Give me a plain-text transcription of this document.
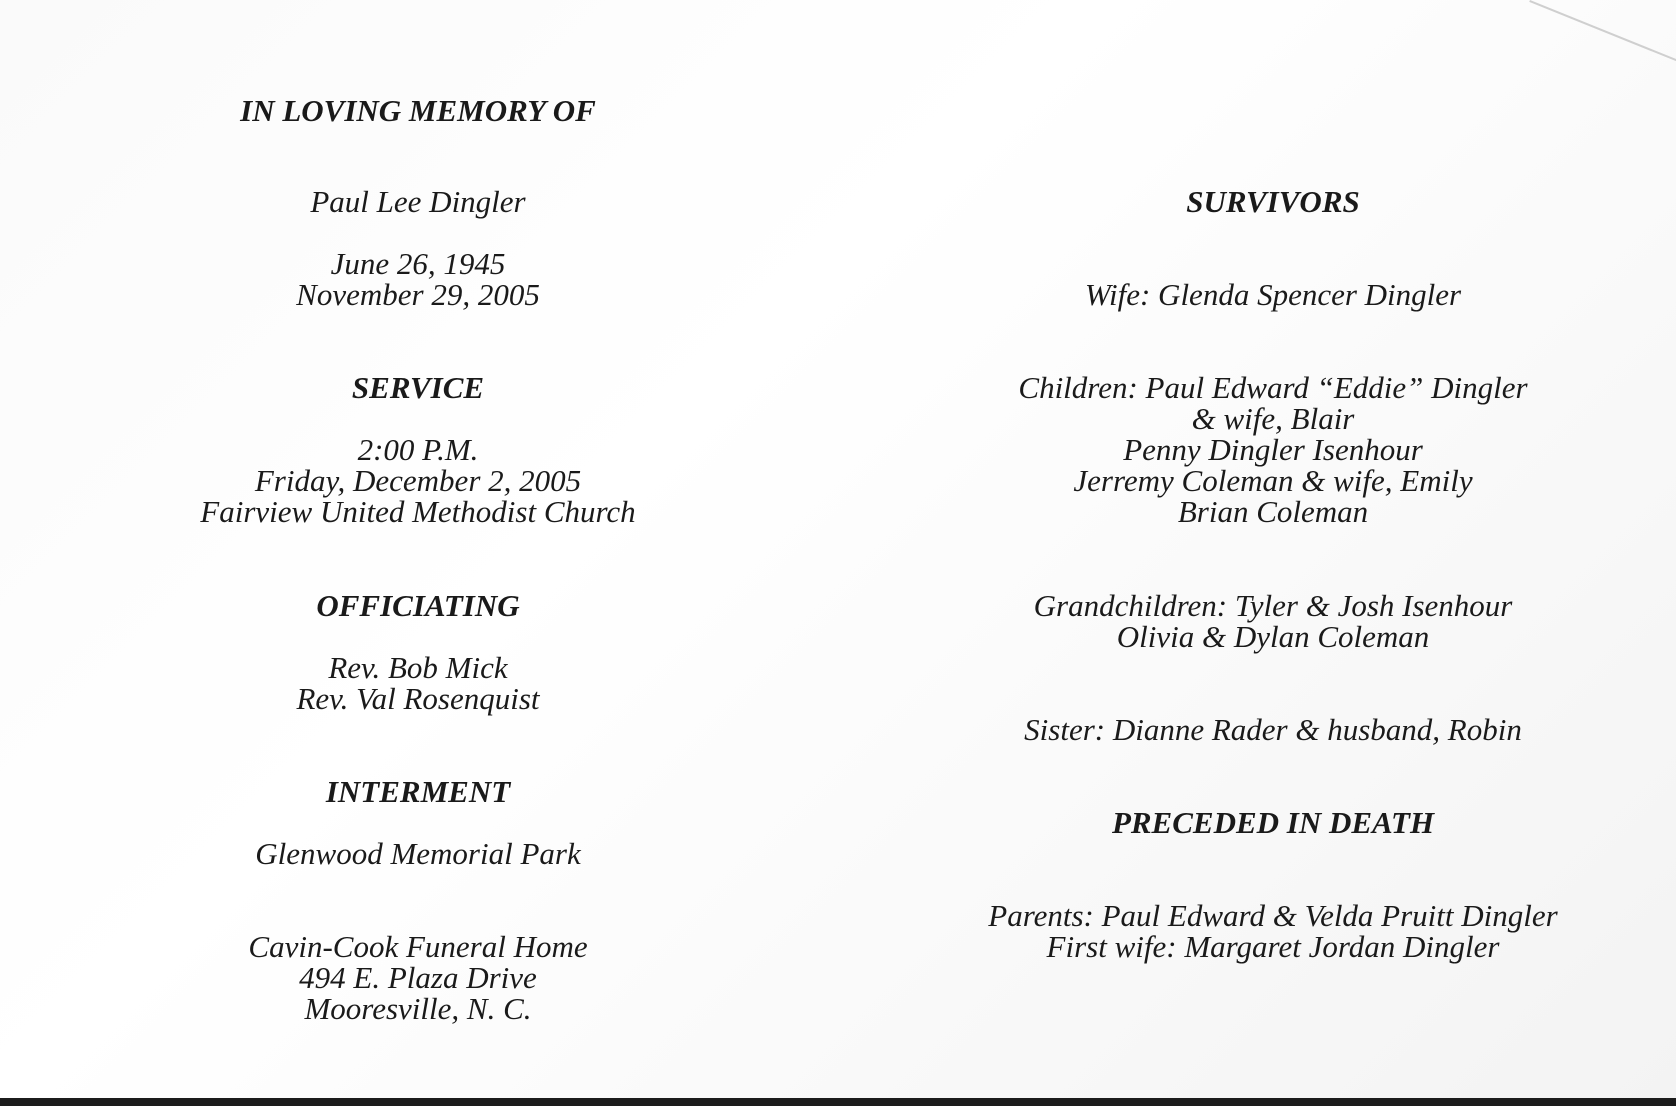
IN LOVING MEMORY OF
Paul Lee Dingler
June 26, 1945
November 29, 2005
SERVICE
2:00 P.M.
Friday, December 2, 2005
Fairview United Methodist Church
OFFICIATING
Rev. Bob Mick
Rev. Val Rosenquist
INTERMENT
Glenwood Memorial Park
Cavin-Cook Funeral Home
494 E. Plaza Drive
Mooresville, N. C.
SURVIVORS
Wife: Glenda Spencer Dingler
Children: Paul Edward “Eddie” Dingler
& wife, Blair
Penny Dingler Isenhour
Jerremy Coleman & wife, Emily
Brian Coleman
Grandchildren: Tyler & Josh Isenhour
Olivia & Dylan Coleman
Sister: Dianne Rader & husband, Robin
PRECEDED IN DEATH
Parents: Paul Edward & Velda Pruitt Dingler
First wife: Margaret Jordan Dingler
